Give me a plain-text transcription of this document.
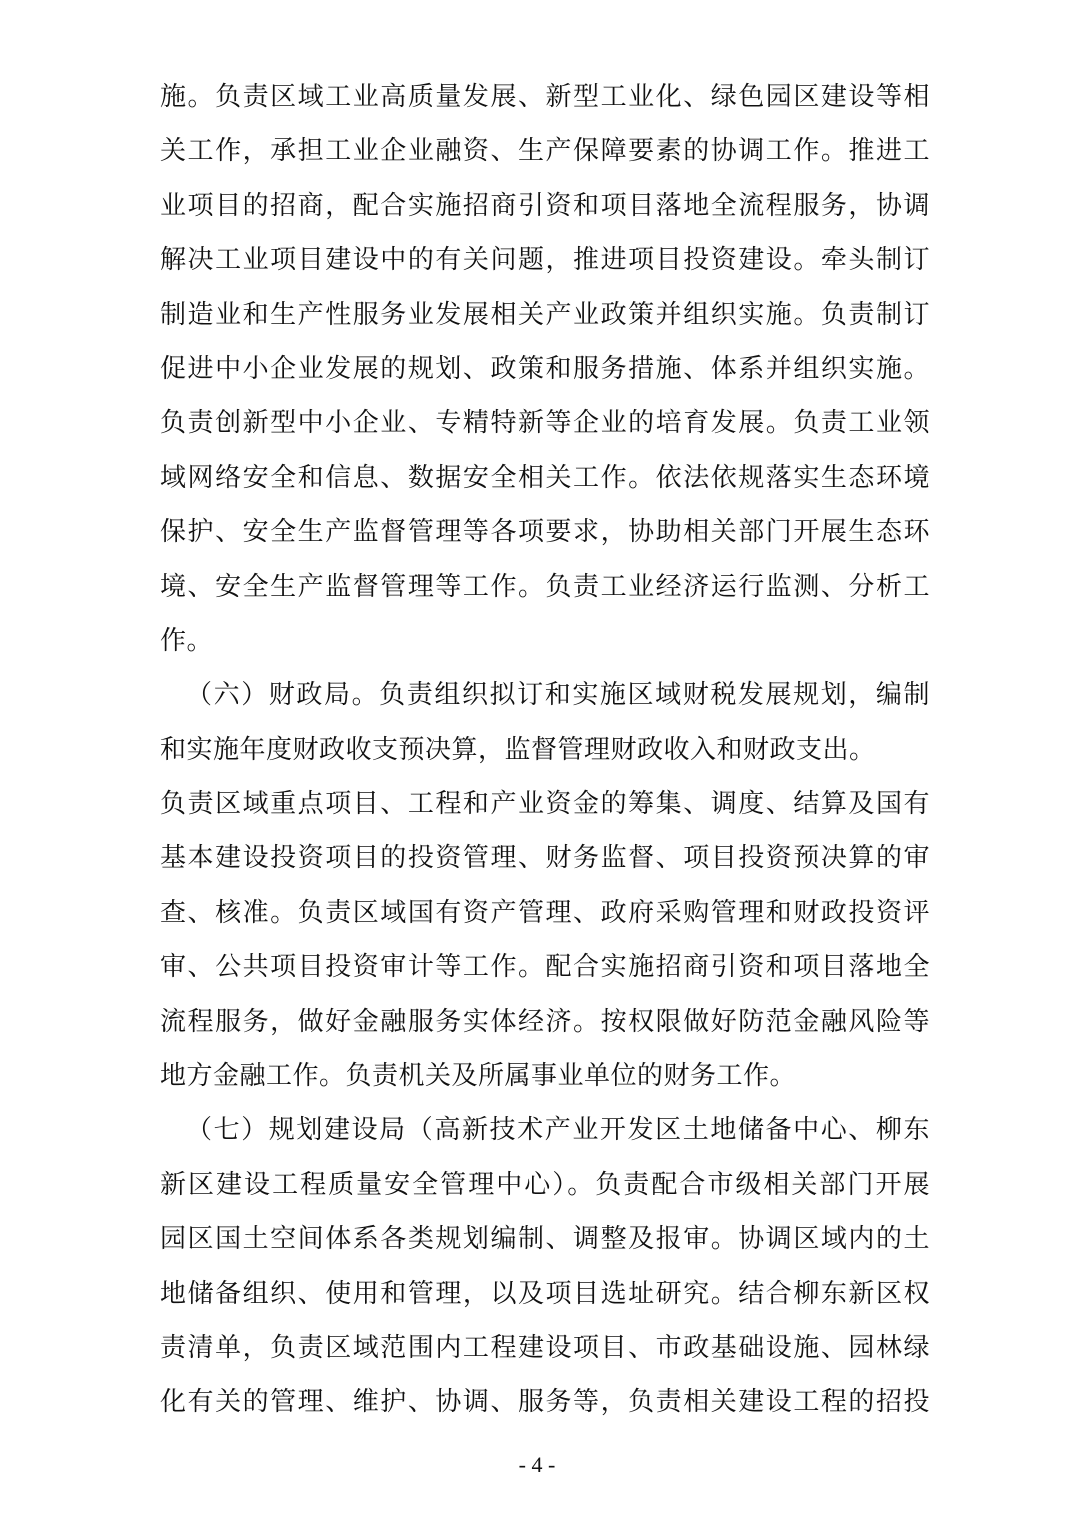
施。负责区域工业高质量发展、新型工业化、绿色园区建设等相
关工作，承担工业企业融资、生产保障要素的协调工作。推进工
业项目的招商，配合实施招商引资和项目落地全流程服务，协调
解决工业项目建设中的有关问题，推进项目投资建设。牵头制订
制造业和生产性服务业发展相关产业政策并组织实施。负责制订
促进中小企业发展的规划、政策和服务措施、体系并组织实施。
负责创新型中小企业、专精特新等企业的培育发展。负责工业领
域网络安全和信息、数据安全相关工作。依法依规落实生态环境
保护、安全生产监督管理等各项要求，协助相关部门开展生态环
境、安全生产监督管理等工作。负责工业经济运行监测、分析工
作。
（六）财政局。负责组织拟订和实施区域财税发展规划，编制
和实施年度财政收支预决算，监督管理财政收入和财政支出。
负责区域重点项目、工程和产业资金的筹集、调度、结算及国有
基本建设投资项目的投资管理、财务监督、项目投资预决算的审
查、核准。负责区域国有资产管理、政府采购管理和财政投资评
审、公共项目投资审计等工作。配合实施招商引资和项目落地全
流程服务，做好金融服务实体经济。按权限做好防范金融风险等
地方金融工作。负责机关及所属事业单位的财务工作。
（七）规划建设局（高新技术产业开发区土地储备中心、柳东
新区建设工程质量安全管理中心）。负责配合市级相关部门开展
园区国土空间体系各类规划编制、调整及报审。协调区域内的土
地储备组织、使用和管理，以及项目选址研究。结合柳东新区权
责清单，负责区域范围内工程建设项目、市政基础设施、园林绿
化有关的管理、维护、协调、服务等，负责相关建设工程的招投
- 4 -
